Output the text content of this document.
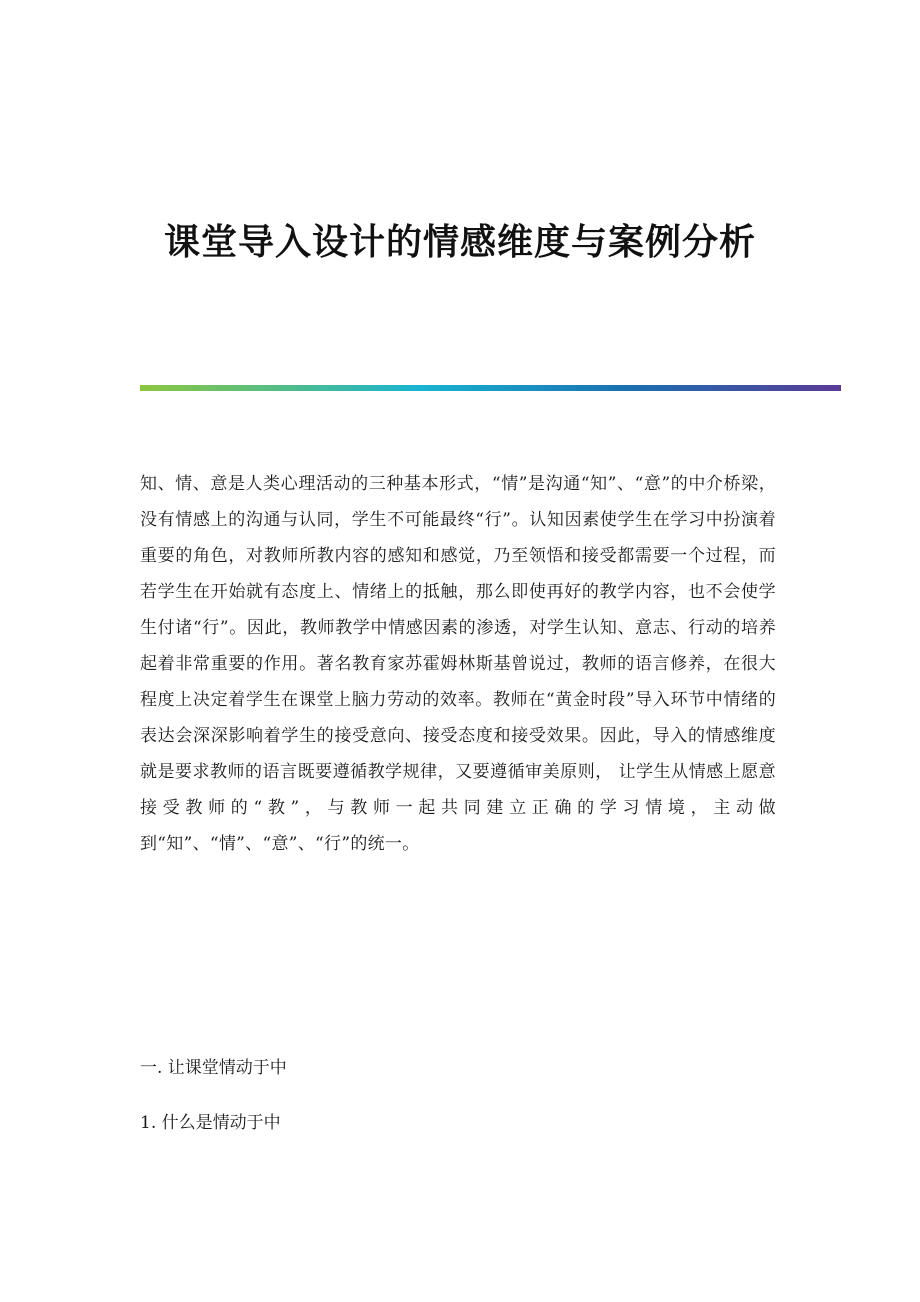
课堂导入设计的情感维度与案例分析
知、情、意是人类心理活动的三种基本形式，“情”是沟通“知”、“意”的中介桥梁，没有情感上的沟通与认同，学生不可能最终“行”。认知因素使学生在学习中扮演着重要的角色，对教师所教内容的感知和感觉，乃至领悟和接受都需要一个过程，而若学生在开始就有态度上、情绪上的抵触，那么即使再好的教学内容，也不会使学生付诸“行”。因此，教师教学中情感因素的渗透，对学生认知、意志、行动的培养起着非常重要的作用。著名教育家苏霍姆林斯基曾说过，教师的语言修养，在很大程度上决定着学生在课堂上脑力劳动的效率。教师在“黄金时段”导入环节中情绪的表达会深深影响着学生的接受意向、接受态度和接受效果。因此，导入的情感维度就是要求教师的语言既要遵循教学规律，又要遵循审美原则， 让学生从情感上愿意接受教师的“教”，与教师一起共同建立正确的学习情境，主动做到“知”、“情”、“意”、“行”的统一。
一. 让课堂情动于中
1. 什么是情动于中
